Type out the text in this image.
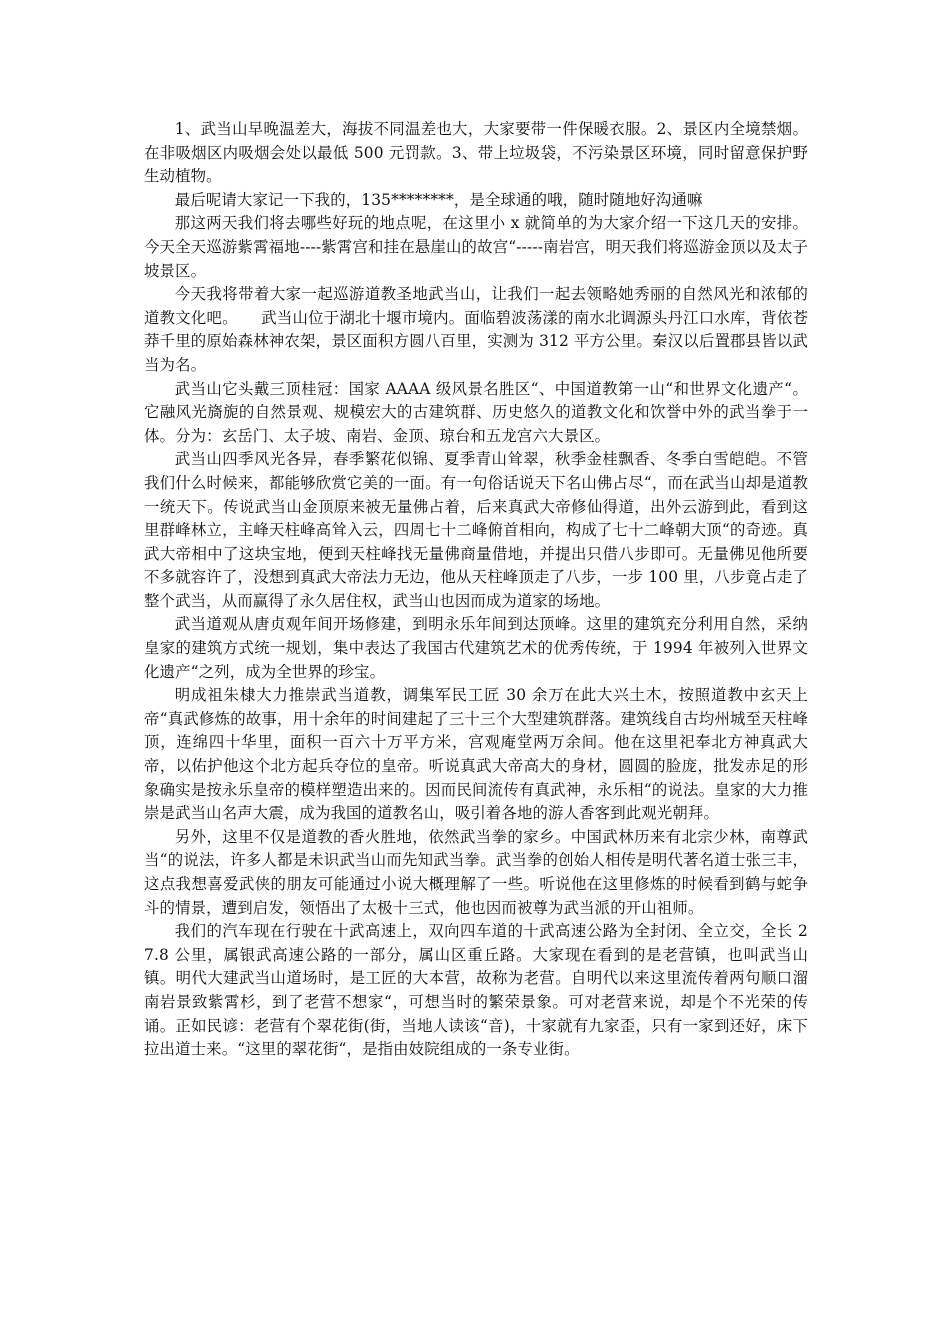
1、武当山早晚温差大，海拔不同温差也大，大家要带一件保暖衣服。2、景区内全境禁烟。在非吸烟区内吸烟会处以最低 500 元罚款。3、带上垃圾袋，不污染景区环境，同时留意保护野生动植物。

最后呢请大家记一下我的，135********，是全球通的哦，随时随地好沟通嘛

那这两天我们将去哪些好玩的地点呢，在这里小 x 就简单的为大家介绍一下这几天的安排。今天全天巡游紫霄福地----紫霄宫和挂在悬崖山的故宫“-----南岩宫，明天我们将巡游金顶以及太子坡景区。

今天我将带着大家一起巡游道教圣地武当山，让我们一起去领略她秀丽的自然风光和浓郁的道教文化吧。　　武当山位于湖北十堰市境内。面临碧波荡漾的南水北调源头丹江口水库，背依苍莽千里的原始森林神农架，景区面积方圆八百里，实测为 312 平方公里。秦汉以后置郡县皆以武当为名。

武当山它头戴三顶桂冠：国家 AAAA 级风景名胜区“、中国道教第一山“和世界文化遗产“。它融风光旖旎的自然景观、规模宏大的古建筑群、历史悠久的道教文化和饮誉中外的武当拳于一体。分为：玄岳门、太子坡、南岩、金顶、琼台和五龙宫六大景区。

武当山四季风光各异，春季繁花似锦、夏季青山耸翠，秋季金桂飘香、冬季白雪皑皑。不管我们什么时候来，都能够欣赏它美的一面。有一句俗话说天下名山佛占尽“，而在武当山却是道教一统天下。传说武当山金顶原来被无量佛占着，后来真武大帝修仙得道，出外云游到此，看到这里群峰林立，主峰天柱峰高耸入云，四周七十二峰俯首相向，构成了七十二峰朝大顶“的奇迹。真武大帝相中了这块宝地，便到天柱峰找无量佛商量借地，并提出只借八步即可。无量佛见他所要不多就容许了，没想到真武大帝法力无边，他从天柱峰顶走了八步，一步 100 里，八步竟占走了整个武当，从而赢得了永久居住权，武当山也因而成为道家的场地。

武当道观从唐贞观年间开场修建，到明永乐年间到达顶峰。这里的建筑充分利用自然，采纳皇家的建筑方式统一规划，集中表达了我国古代建筑艺术的优秀传统，于 1994 年被列入世界文化遗产“之列，成为全世界的珍宝。

明成祖朱棣大力推崇武当道教，调集军民工匠 30 余万在此大兴土木，按照道教中玄天上帝“真武修炼的故事，用十余年的时间建起了三十三个大型建筑群落。建筑线自古均州城至天柱峰顶，连绵四十华里，面积一百六十万平方米，宫观庵堂两万余间。他在这里祀奉北方神真武大帝，以佑护他这个北方起兵夺位的皇帝。听说真武大帝高大的身材，圆圆的脸庞，批发赤足的形象确实是按永乐皇帝的模样塑造出来的。因而民间流传有真武神，永乐相“的说法。皇家的大力推崇是武当山名声大震，成为我国的道教名山，吸引着各地的游人香客到此观光朝拜。

另外，这里不仅是道教的香火胜地，依然武当拳的家乡。中国武林历来有北宗少林，南尊武当“的说法，许多人都是未识武当山而先知武当拳。武当拳的创始人相传是明代著名道士张三丰，这点我想喜爱武侠的朋友可能通过小说大概理解了一些。听说他在这里修炼的时候看到鹤与蛇争斗的情景，遭到启发，领悟出了太极十三式，他也因而被尊为武当派的开山祖师。

我们的汽车现在行驶在十武高速上，双向四车道的十武高速公路为全封闭、全立交，全长 27.8 公里，属银武高速公路的一部分，属山区重丘路。大家现在看到的是老营镇，也叫武当山镇。明代大建武当山道场时，是工匠的大本营，故称为老营。自明代以来这里流传着两句顺口溜南岩景致紫霄杉，到了老营不想家“，可想当时的繁荣景象。可对老营来说，却是个不光荣的传诵。正如民谚：老营有个翠花街(街，当地人读该“音)，十家就有九家歪，只有一家到还好，床下拉出道士来。“这里的翠花街“，是指由妓院组成的一条专业街。
